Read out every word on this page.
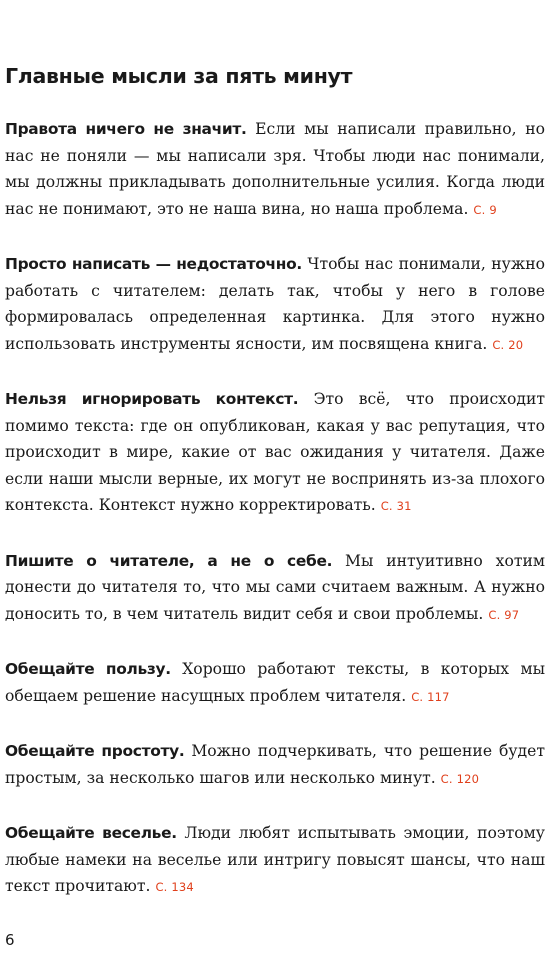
Главные мысли за пять минут

Правота ничего не значит. Если мы написали правильно, но нас не поняли — мы написали зря. Чтобы люди нас понимали, мы должны прикладывать дополнительные усилия. Когда люди нас не понимают, это не наша вина, но наша проблема. С. 9

Просто написать — недостаточно. Чтобы нас понимали, нужно работать с читателем: делать так, чтобы у него в голове формировалась определенная картинка. Для этого нужно использовать инструменты ясности, им посвящена книга. С. 20

Нельзя игнорировать контекст. Это всё, что происходит помимо текста: где он опубликован, какая у вас репутация, что происходит в мире, какие от вас ожидания у читателя. Даже если наши мысли верные, их могут не воспринять из-за плохого контекста. Контекст нужно корректировать. С. 31

Пишите о читателе, а не о себе. Мы интуитивно хотим донести до читателя то, что мы сами считаем важным. А нужно доносить то, в чем читатель видит себя и свои проблемы. С. 97

Обещайте пользу. Хорошо работают тексты, в которых мы обещаем решение насущных проблем читателя. С. 117

Обещайте простоту. Можно подчеркивать, что решение будет простым, за несколько шагов или несколько минут. С. 120

Обещайте веселье. Люди любят испытывать эмоции, поэтому любые намеки на веселье или интригу повысят шансы, что наш текст прочитают. С. 134

6
